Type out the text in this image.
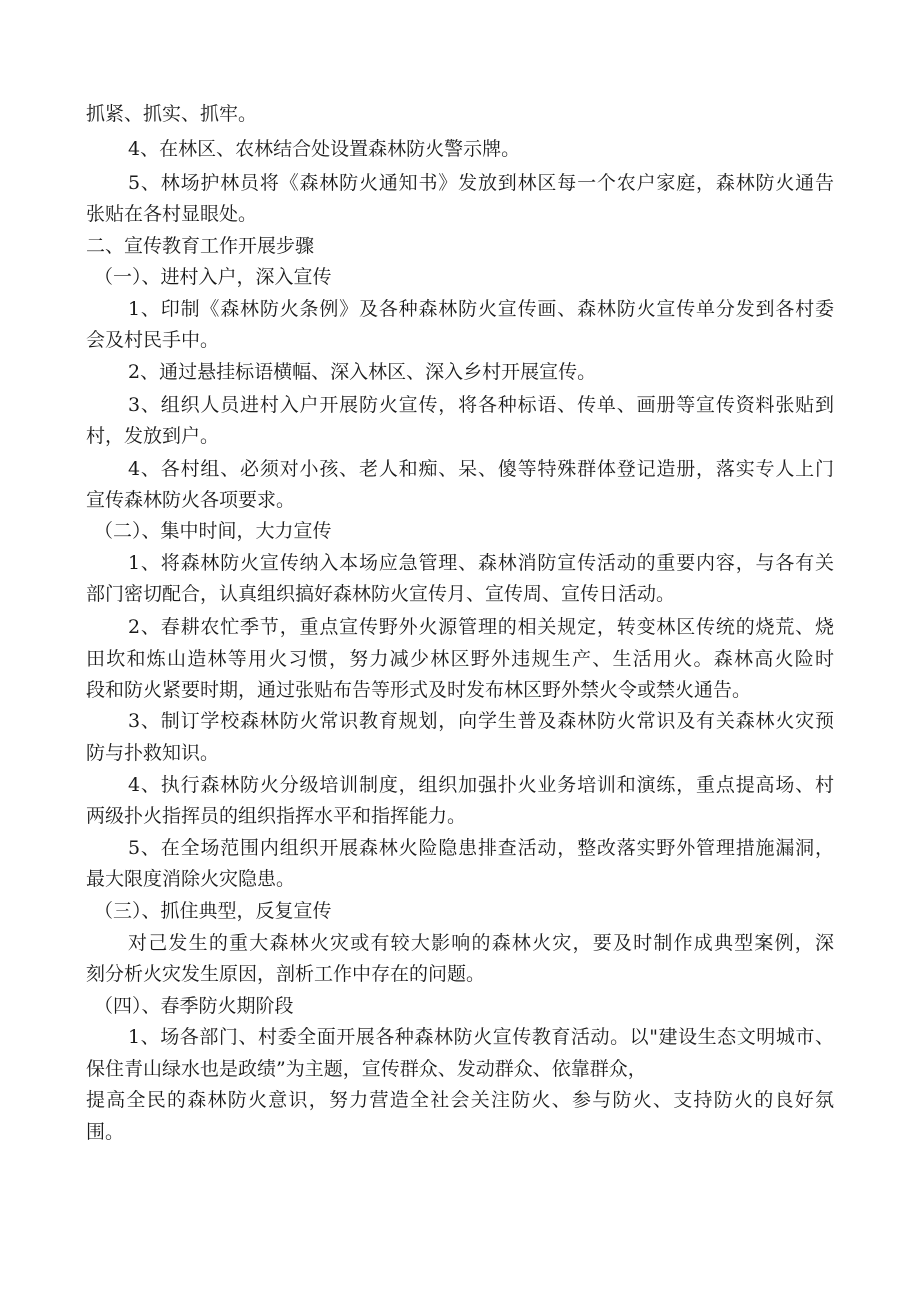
抓紧、抓实、抓牢。
4、在林区、农林结合处设置森林防火警示牌。
5、林场护林员将《森林防火通知书》发放到林区每一个农户家庭，森林防火通告
张贴在各村显眼处。
二、宣传教育工作开展步骤
（一）、进村入户，深入宣传
1、印制《森林防火条例》及各种森林防火宣传画、森林防火宣传单分发到各村委
会及村民手中。
2、通过悬挂标语横幅、深入林区、深入乡村开展宣传。
3、组织人员进村入户开展防火宣传，将各种标语、传单、画册等宣传资料张贴到
村，发放到户。
4、各村组、必须对小孩、老人和痴、呆、傻等特殊群体登记造册，落实专人上门
宣传森林防火各项要求。
（二）、集中时间，大力宣传
1、将森林防火宣传纳入本场应急管理、森林消防宣传活动的重要内容，与各有关
部门密切配合，认真组织搞好森林防火宣传月、宣传周、宣传日活动。
2、春耕农忙季节，重点宣传野外火源管理的相关规定，转变林区传统的烧荒、烧
田坎和炼山造林等用火习惯，努力减少林区野外违规生产、生活用火。森林高火险时
段和防火紧要时期，通过张贴布告等形式及时发布林区野外禁火令或禁火通告。
3、制订学校森林防火常识教育规划，向学生普及森林防火常识及有关森林火灾预
防与扑救知识。
4、执行森林防火分级培训制度，组织加强扑火业务培训和演练，重点提高场、村
两级扑火指挥员的组织指挥水平和指挥能力。
5、在全场范围内组织开展森林火险隐患排查活动，整改落实野外管理措施漏洞，
最大限度消除火灾隐患。
（三）、抓住典型，反复宣传
对己发生的重大森林火灾或有较大影响的森林火灾，要及时制作成典型案例，深
刻分析火灾发生原因，剖析工作中存在的问题。
（四）、春季防火期阶段
1、场各部门、村委全面开展各种森林防火宣传教育活动。以"建设生态文明城市、
保住青山绿水也是政绩”为主题，宣传群众、发动群众、依靠群众，
提高全民的森林防火意识，努力营造全社会关注防火、参与防火、支持防火的良好氛
围。
